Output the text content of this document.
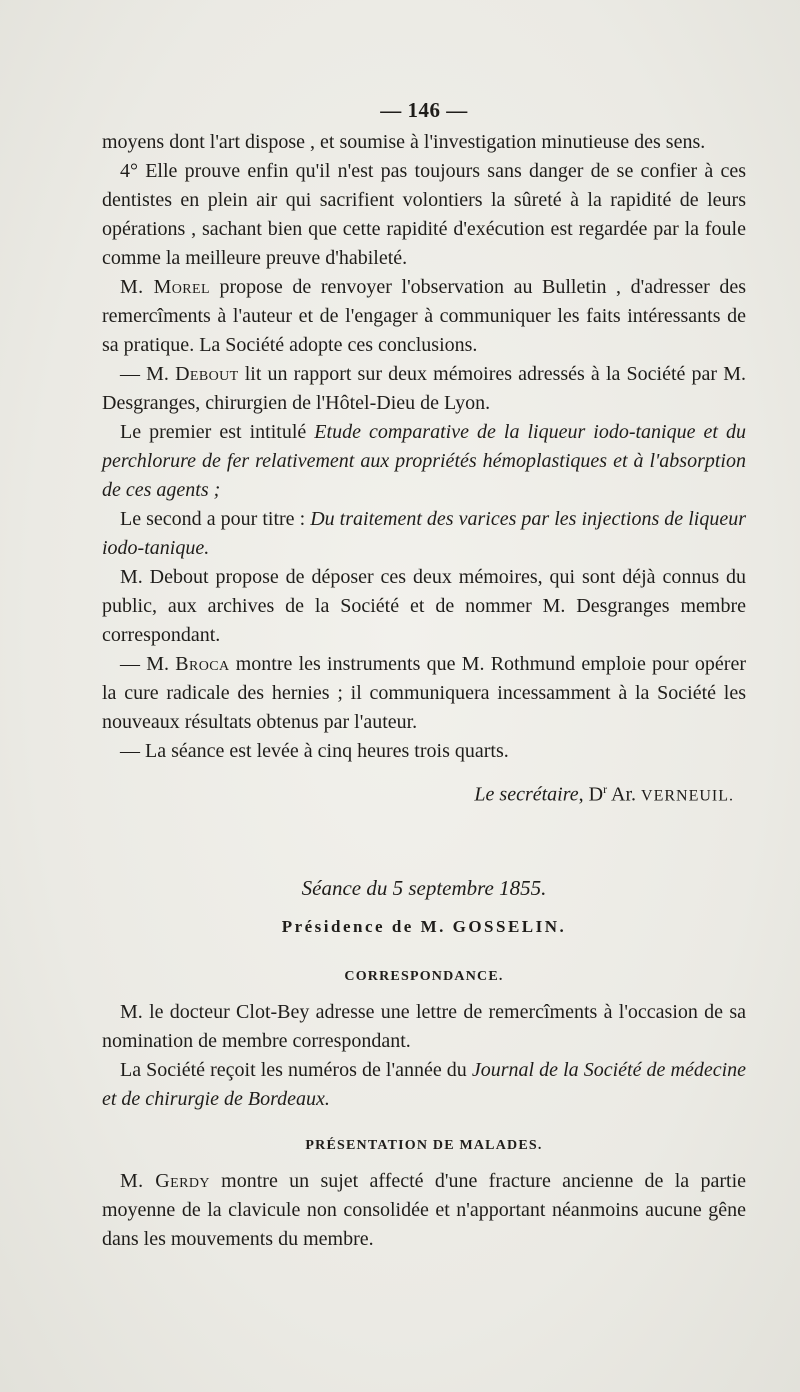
— 146 —

moyens dont l'art dispose , et soumise à l'investigation minutieuse des sens.

4° Elle prouve enfin qu'il n'est pas toujours sans danger de se confier à ces dentistes en plein air qui sacrifient volontiers la sûreté à la rapidité de leurs opérations , sachant bien que cette rapidité d'exécution est regardée par la foule comme la meilleure preuve d'habileté.

M. Morel propose de renvoyer l'observation au Bulletin , d'adresser des remercîments à l'auteur et de l'engager à communiquer les faits intéressants de sa pratique. La Société adopte ces conclusions.

— M. Debout lit un rapport sur deux mémoires adressés à la Société par M. Desgranges, chirurgien de l'Hôtel-Dieu de Lyon.

Le premier est intitulé Etude comparative de la liqueur iodo-tanique et du perchlorure de fer relativement aux propriétés hémoplastiques et à l'absorption de ces agents ;

Le second a pour titre : Du traitement des varices par les injections de liqueur iodo-tanique.

M. Debout propose de déposer ces deux mémoires, qui sont déjà connus du public, aux archives de la Société et de nommer M. Desgranges membre correspondant.

— M. Broca montre les instruments que M. Rothmund emploie pour opérer la cure radicale des hernies ; il communiquera incessamment à la Société les nouveaux résultats obtenus par l'auteur.

— La séance est levée à cinq heures trois quarts.

Le secrétaire, $D^r$ Ar. VERNEUIL.
Séance du 5 septembre 1855.
Présidence de M. GOSSELIN.
CORRESPONDANCE.

M. le docteur Clot-Bey adresse une lettre de remercîments à l'occasion de sa nomination de membre correspondant.

La Société reçoit les numéros de l'année du Journal de la Société de médecine et de chirurgie de Bordeaux.

PRÉSENTATION DE MALADES.

M. Gerdy montre un sujet affecté d'une fracture ancienne de la partie moyenne de la clavicule non consolidée et n'apportant néanmoins aucune gêne dans les mouvements du membre.
